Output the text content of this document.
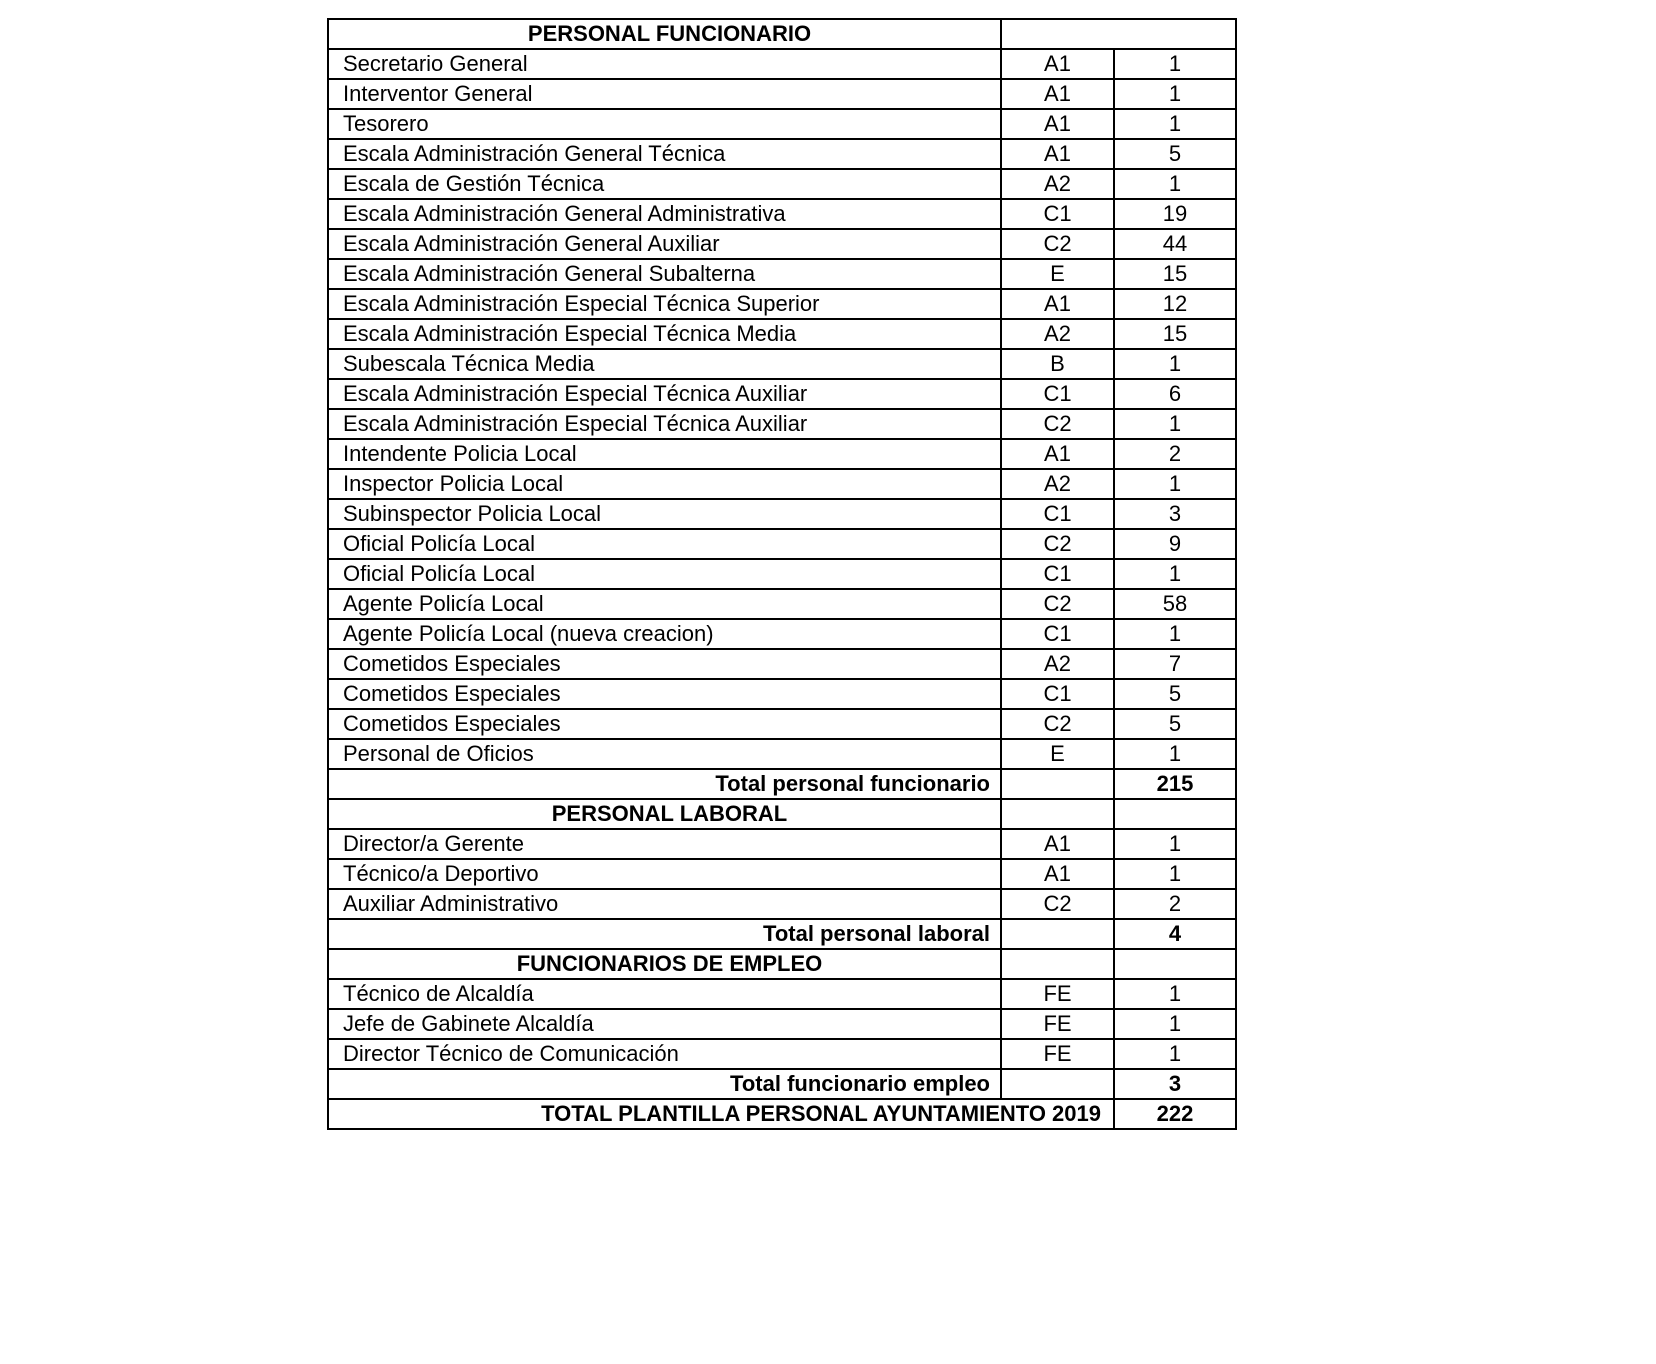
PERSONAL FUNCIONARIO		
Secretario General	A1	1
Interventor General	A1	1
Tesorero	A1	1
Escala Administración General Técnica	A1	5
Escala de Gestión Técnica	A2	1
Escala Administración General Administrativa	C1	19
Escala Administración General Auxiliar	C2	44
Escala Administración General Subalterna	E	15
Escala Administración Especial Técnica Superior	A1	12
Escala Administración Especial Técnica Media	A2	15
Subescala Técnica Media	B	1
Escala Administración Especial Técnica Auxiliar	C1	6
Escala Administración Especial Técnica Auxiliar	C2	1
Intendente Policia Local	A1	2
Inspector Policia Local	A2	1
Subinspector Policia Local	C1	3
Oficial Policía Local	C2	9
Oficial Policía Local	C1	1
Agente Policía Local	C2	58
Agente Policía Local (nueva creacion)	C1	1
Cometidos Especiales	A2	7
Cometidos Especiales	C1	5
Cometidos Especiales	C2	5
Personal de Oficios	E	1
Total personal funcionario		215
PERSONAL LABORAL		
Director/a Gerente	A1	1
Técnico/a Deportivo	A1	1
Auxiliar Administrativo	C2	2
Total personal laboral		4
FUNCIONARIOS DE EMPLEO		
Técnico de Alcaldía	FE	1
Jefe de Gabinete Alcaldía	FE	1
Director Técnico de Comunicación	FE	1
Total funcionario empleo		3
TOTAL PLANTILLA PERSONAL AYUNTAMIENTO 2019		222
